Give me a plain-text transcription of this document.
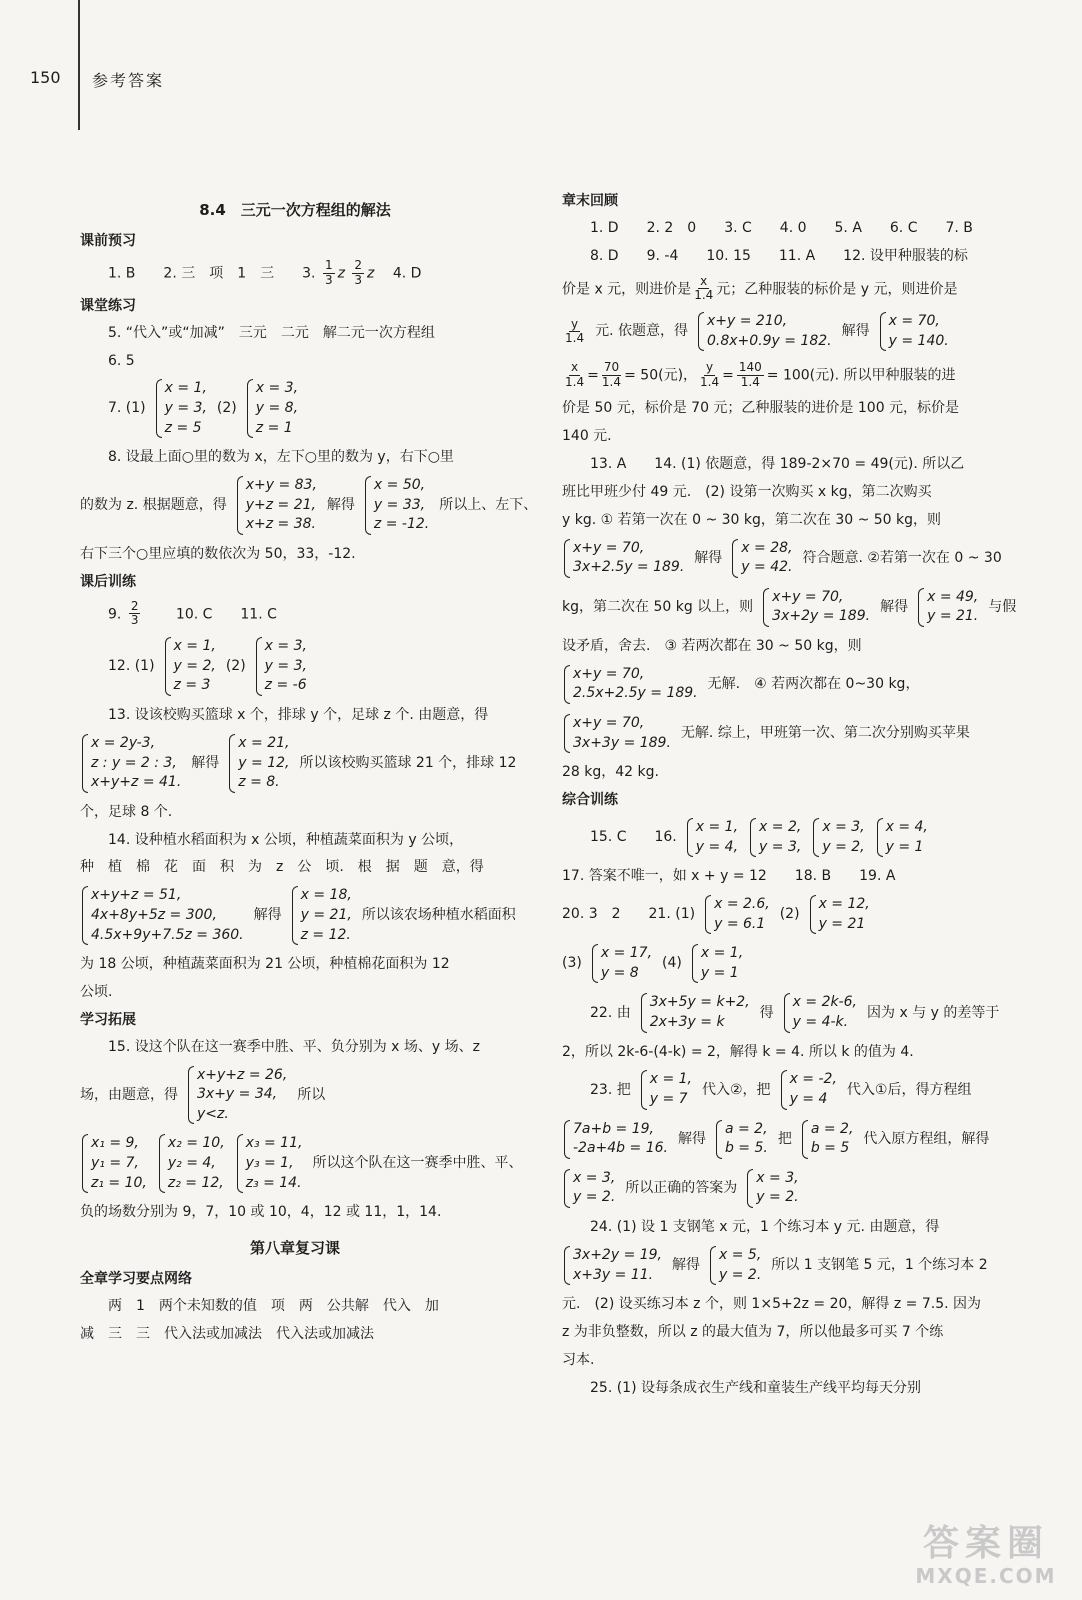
150 参考答案
8.4　三元一次方程组的解法
课前预习
1. B　　2. 三　项　1　三　　3. $\frac{1}{3}$ z $\frac{2}{3}$ z 　 4. D
课堂练习
5. “代入”或“加减”　三元　二元　解二元一次方程组
6. 5
7. (1)
x = 1,
y = 3,
z = 5
(2)
x = 3,
y = 8,
z = 1
8. 设最上面○里的数为 x，左下○里的数为 y，右下○里
的数为 z. 根据题意，得
x+y = 83,
y+z = 21,
x+z = 38.
解得
x = 50,
y = 33,
z = -12.
所以上、左下、
右下三个○里应填的数依次为 50，33，-12.
课后训练
9. $\frac{2}{3}$
　　	10. C　　11. C
12. (1)
x = 1,
y = 2,
z = 3
(2)
x = 3,
y = 3,
z = -6
13. 设该校购买篮球 x 个，排球 y 个，足球 z 个. 由题意，得
x = 2y-3,
z : y = 2 : 3,
x+y+z = 41.
解得
x = 21,
y = 12,
z = 8.
所以该校购买篮球 21 个，排球 12
个，足球 8 个.
14. 设种植水稻面积为 x 公顷，种植蔬菜面积为 y 公顷，
种　植　棉　花　面　积　为　z　公　顷.　根　据　题　意，得
x+y+z = 51,
4x+8y+5z = 300,
4.5x+9y+7.5z = 360.
解得
x = 18,
y = 21,
z = 12.
所以该农场种植水稻面积
为 18 公顷，种植蔬菜面积为 21 公顷，种植棉花面积为 12
公顷.
学习拓展
15. 设这个队在这一赛季中胜、平、负分别为 x 场、y 场、z
场，由题意，得
x+y+z = 26,
3x+y = 34,
y<z.
所以
x₁ = 9,
y₁ = 7,
z₁ = 10,
x₂ = 10,
y₂ = 4,
z₂ = 12,
x₃ = 11,
y₃ = 1,
z₃ = 14.
所以这个队在这一赛季中胜、平、
负的场数分别为 9，7，10 或 10，4，12 或 11，1，14.
第八章复习课
全章学习要点网络
两　1　两个未知数的值　项　两　公共解　代入　加
减　三　三　代入法或加减法　代入法或加减法
章末回顾
1. D　　2. 2　0　　3. C　　4. 0　　5. A　　6. C　　7. B
8. D　　9. -4　　10. 15　　11. A　　12. 设甲种服装的标
价是 x 元，则进价是 $\frac{x}{1.4}$ 元；乙种服装的标价是 y 元，则进价是
$\frac{y}{1.4}$ 元. 依题意，得
x+y = 210,
0.8x+0.9y = 182.
解得
x = 70,
y = 140.
$\frac{x}{1.4} = \frac{70}{1.4} = 50$(元)， $\frac{y}{1.4} = \frac{140}{1.4} = 100$(元). 所以甲种服装的进
价是 50 元，标价是 70 元；乙种服装的进价是 100 元，标价是
140 元.
13. A　　14. (1) 依题意，得 189-2×70 = 49(元). 所以乙
班比甲班少付 49 元.　(2) 设第一次购买 x kg，第二次购买
y kg. ① 若第一次在 0 ~ 30 kg，第二次在 30 ~ 50 kg，则
x+y = 70,
3x+2.5y = 189.
解得
x = 28,
y = 42.
符合题意. ②若第一次在 0 ~ 30
kg，第二次在 50 kg 以上，则
x+y = 70,
3x+2y = 189.
解得
x = 49,
y = 21.
与假
设矛盾，舍去.　③ 若两次都在 30 ~ 50 kg，则
x+y = 70,
2.5x+2.5y = 189.
无解.　④ 若两次都在 0~30 kg，
x+y = 70,
3x+3y = 189.
无解. 综上，甲班第一次、第二次分别购买苹果
28 kg，42 kg.
综合训练
15. C　　16.
x = 1,
y = 4,
x = 2,
y = 3,
x = 3,
y = 2,
x = 4,
y = 1
17. 答案不唯一，如 x + y = 12　　18. B　　19. A
20. 3　2　　21. (1)
x = 2.6,
y = 6.1
(2)
x = 12,
y = 21
(3)
x = 17,
y = 8
(4)
x = 1,
y = 1
22. 由
3x+5y = k+2,
2x+3y = k
得
x = 2k-6,
y = 4-k.
因为 x 与 y 的差等于
2，所以 2k-6-(4-k) = 2，解得 k = 4. 所以 k 的值为 4.
23. 把
x = 1,
y = 7
代入②，把
x = -2,
y = 4
代入①后，得方程组
7a+b = 19,
-2a+4b = 16.
解得
a = 2,
b = 5.
把
a = 2,
b = 5
代入原方程组，解得
x = 3,
y = 2.
所以正确的答案为
x = 3,
y = 2.
24. (1) 设 1 支钢笔 x 元，1 个练习本 y 元. 由题意，得
3x+2y = 19,
x+3y = 11.
解得
x = 5,
y = 2.
所以 1 支钢笔 5 元，1 个练习本 2
元.　(2) 设买练习本 z 个，则 1×5+2z = 20，解得 z = 7.5. 因为
z 为非负整数，所以 z 的最大值为 7，所以他最多可买 7 个练
习本.
25. (1) 设每条成衣生产线和童装生产线平均每天分别
答案圈
MXQE.COM
